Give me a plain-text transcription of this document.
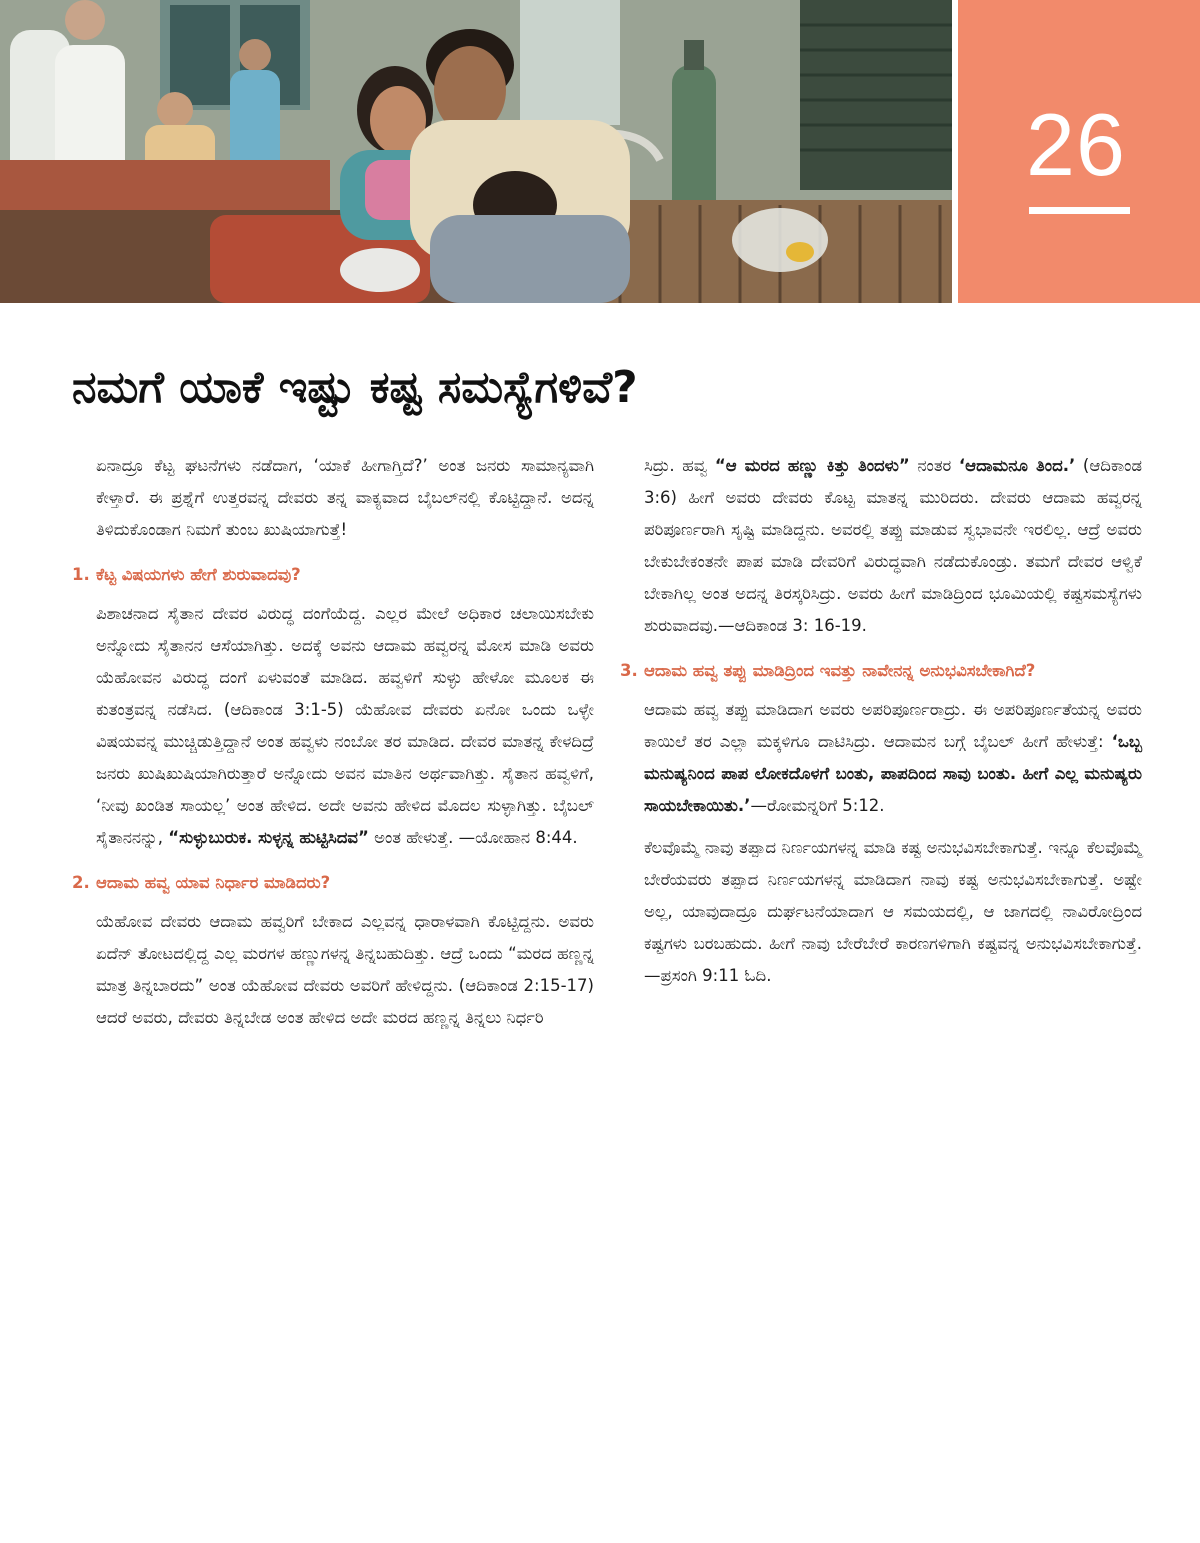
26
ನಮಗೆ ಯಾಕೆ ಇಷ್ಟು ಕಷ್ಟ ಸಮಸ್ಯೆಗಳಿವೆ?

ಏನಾದ್ರೂ ಕೆಟ್ಟ ಘಟನೆಗಳು ನಡೆದಾಗ, ‘ಯಾಕೆ ಹೀಗಾಗ್ತಿದೆ?’ ಅಂತ ಜನರು ಸಾಮಾನ್ಯವಾಗಿ ಕೇಳ್ತಾರೆ. ಈ ಪ್ರಶ್ನೆಗೆ ಉತ್ತರವನ್ನ ದೇವರು ತನ್ನ ವಾಕ್ಯವಾದ ಬೈಬಲ್‌ನಲ್ಲಿ ಕೊಟ್ಟಿದ್ದಾನೆ. ಅದನ್ನ ತಿಳಿದುಕೊಂಡಾಗ ನಿಮಗೆ ತುಂಬ ಖುಷಿಯಾಗುತ್ತೆ!

1. ಕೆಟ್ಟ ವಿಷಯಗಳು ಹೇಗೆ ಶುರುವಾದವು?

ಪಿಶಾಚನಾದ ಸೈತಾನ ದೇವರ ವಿರುದ್ಧ ದಂಗೆಯೆದ್ದ. ಎಲ್ಲರ ಮೇಲೆ ಅಧಿಕಾರ ಚಲಾಯಿಸಬೇಕು ಅನ್ನೋದು ಸೈತಾನನ ಆಸೆಯಾಗಿತ್ತು. ಅದಕ್ಕೆ ಅವನು ಆದಾಮ ಹವ್ವರನ್ನ ಮೋಸ ಮಾಡಿ ಅವರು ಯೆಹೋವನ ವಿರುದ್ಧ ದಂಗೆ ಏಳುವಂತೆ ಮಾಡಿದ. ಹವ್ವಳಿಗೆ ಸುಳ್ಳು ಹೇಳೋ ಮೂಲಕ ಈ ಕುತಂತ್ರವನ್ನ ನಡೆಸಿದ. (ಆದಿಕಾಂಡ 3:1-5) ಯೆಹೋವ ದೇವರು ಏನೋ ಒಂದು ಒಳ್ಳೇ ವಿಷಯವನ್ನ ಮುಚ್ಚಿಡುತ್ತಿದ್ದಾನೆ ಅಂತ ಹವ್ವಳು ನಂಬೋ ತರ ಮಾಡಿದ. ದೇವರ ಮಾತನ್ನ ಕೇಳದಿದ್ರೆ ಜನರು ಖುಷಿಖುಷಿಯಾಗಿರುತ್ತಾರೆ ಅನ್ನೋದು ಅವನ ಮಾತಿನ ಅರ್ಥವಾಗಿತ್ತು. ಸೈತಾನ ಹವ್ವಳಿಗೆ, ‘ನೀವು ಖಂಡಿತ ಸಾಯಲ್ಲ’ ಅಂತ ಹೇಳಿದ. ಅದೇ ಅವನು ಹೇಳಿದ ಮೊದಲ ಸುಳ್ಳಾಗಿತ್ತು. ಬೈಬಲ್ ಸೈತಾನನನ್ನು, “ಸುಳ್ಳುಬುರುಕ. ಸುಳ್ಳನ್ನ ಹುಟ್ಟಿಸಿದವ” ಅಂತ ಹೇಳುತ್ತೆ. —ಯೋಹಾನ 8:44.

2. ಆದಾಮ ಹವ್ವ ಯಾವ ನಿರ್ಧಾರ ಮಾಡಿದರು?

ಯೆಹೋವ ದೇವರು ಆದಾಮ ಹವ್ವರಿಗೆ ಬೇಕಾದ ಎಲ್ಲವನ್ನ ಧಾರಾಳವಾಗಿ ಕೊಟ್ಟಿದ್ದನು. ಅವರು ಏದೆನ್ ತೋಟದಲ್ಲಿದ್ದ ಎಲ್ಲ ಮರಗಳ ಹಣ್ಣುಗಳನ್ನ ತಿನ್ನಬಹುದಿತ್ತು. ಆದ್ರೆ ಒಂದು “ಮರದ ಹಣ್ಣನ್ನ ಮಾತ್ರ ತಿನ್ನಬಾರದು” ಅಂತ ಯೆಹೋವ ದೇವರು ಅವರಿಗೆ ಹೇಳಿದ್ದನು. (ಆದಿಕಾಂಡ 2:15-17) ಆದರೆ ಅವರು, ದೇವರು ತಿನ್ನಬೇಡ ಅಂತ ಹೇಳಿದ ಅದೇ ಮರದ ಹಣ್ಣನ್ನ ತಿನ್ನಲು ನಿರ್ಧರಿ

ಸಿದ್ರು. ಹವ್ವ “ಆ ಮರದ ಹಣ್ಣು ಕಿತ್ತು ತಿಂದಳು” ನಂತರ ‘ಆದಾಮನೂ ತಿಂದ.’ (ಆದಿಕಾಂಡ 3:6) ಹೀಗೆ ಅವರು ದೇವರು ಕೊಟ್ಟ ಮಾತನ್ನ ಮುರಿದರು. ದೇವರು ಆದಾಮ ಹವ್ವರನ್ನ ಪರಿಪೂರ್ಣರಾಗಿ ಸೃಷ್ಟಿ ಮಾಡಿದ್ದನು. ಅವರಲ್ಲಿ ತಪ್ಪು ಮಾಡುವ ಸ್ವಭಾವನೇ ಇರಲಿಲ್ಲ. ಆದ್ರೆ ಅವರು ಬೇಕುಬೇಕಂತನೇ ಪಾಪ ಮಾಡಿ ದೇವರಿಗೆ ವಿರುದ್ಧವಾಗಿ ನಡೆದುಕೊಂಡ್ರು. ತಮಗೆ ದೇವರ ಆಳ್ವಿಕೆ ಬೇಕಾಗಿಲ್ಲ ಅಂತ ಅದನ್ನ ತಿರಸ್ಕರಿಸಿದ್ರು. ಅವರು ಹೀಗೆ ಮಾಡಿದ್ರಿಂದ ಭೂಮಿಯಲ್ಲಿ ಕಷ್ಟಸಮಸ್ಯೆಗಳು ಶುರುವಾದವು.—ಆದಿಕಾಂಡ 3: 16-19.

3. ಆದಾಮ ಹವ್ವ ತಪ್ಪು ಮಾಡಿದ್ರಿಂದ ಇವತ್ತು ನಾವೇನನ್ನ ಅನುಭವಿಸಬೇಕಾಗಿದೆ?

ಆದಾಮ ಹವ್ವ ತಪ್ಪು ಮಾಡಿದಾಗ ಅವರು ಅಪರಿಪೂರ್ಣರಾದ್ರು. ಈ ಅಪರಿಪೂರ್ಣತೆಯನ್ನ ಅವರು ಕಾಯಿಲೆ ತರ ಎಲ್ಲಾ ಮಕ್ಕಳಿಗೂ ದಾಟಿಸಿದ್ರು. ಆದಾಮನ ಬಗ್ಗೆ ಬೈಬಲ್ ಹೀಗೆ ಹೇಳುತ್ತೆ: ‘ಒಬ್ಬ ಮನುಷ್ಯನಿಂದ ಪಾಪ ಲೋಕದೊಳಗೆ ಬಂತು, ಪಾಪದಿಂದ ಸಾವು ಬಂತು. ಹೀಗೆ ಎಲ್ಲ ಮನುಷ್ಯರು ಸಾಯಬೇಕಾಯಿತು.’—ರೋಮನ್ನರಿಗೆ 5:12.

ಕೆಲವೊಮ್ಮೆ ನಾವು ತಪ್ಪಾದ ನಿರ್ಣಯಗಳನ್ನ ಮಾಡಿ ಕಷ್ಟ ಅನುಭವಿಸಬೇಕಾಗುತ್ತೆ. ಇನ್ನೂ ಕೆಲವೊಮ್ಮೆ ಬೇರೆಯವರು ತಪ್ಪಾದ ನಿರ್ಣಯಗಳನ್ನ ಮಾಡಿದಾಗ ನಾವು ಕಷ್ಟ ಅನುಭವಿಸಬೇಕಾಗುತ್ತೆ. ಅಷ್ಟೇ ಅಲ್ಲ, ಯಾವುದಾದ್ರೂ ದುರ್ಘಟನೆಯಾದಾಗ ಆ ಸಮಯದಲ್ಲಿ, ಆ ಜಾಗದಲ್ಲಿ ನಾವಿರೋದ್ರಿಂದ ಕಷ್ಟಗಳು ಬರಬಹುದು. ಹೀಗೆ ನಾವು ಬೇರೆಬೇರೆ ಕಾರಣಗಳಿಗಾಗಿ ಕಷ್ಟವನ್ನ ಅನುಭವಿಸಬೇಕಾಗುತ್ತೆ.—ಪ್ರಸಂಗಿ 9:11 ಓದಿ.
